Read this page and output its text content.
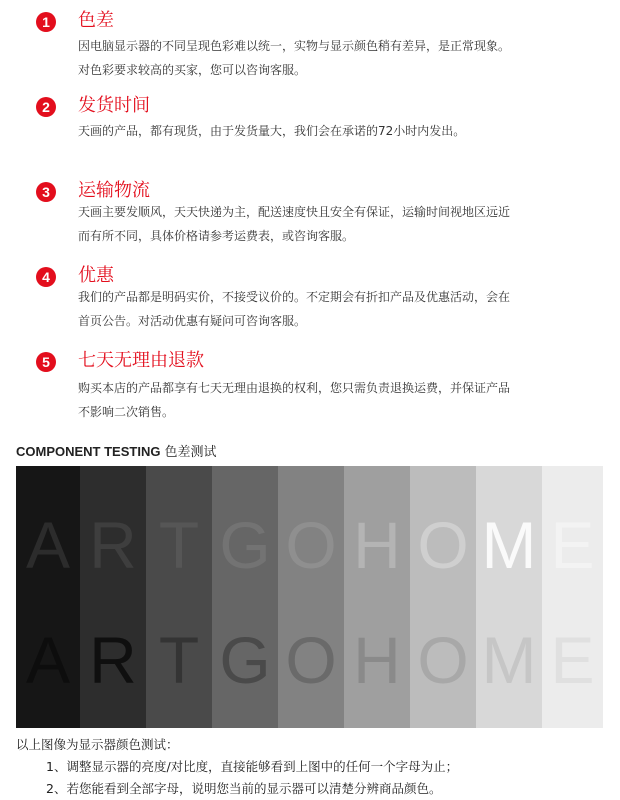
1	色差
因电脑显示器的不同呈现色彩难以统一，实物与显示颜色稍有差异，是正常现象。
对色彩要求较高的买家，您可以咨询客服。
2	发货时间
天画的产品，都有现货，由于发货量大，我们会在承诺的72小时内发出。
3	运输物流
天画主要发顺风，天天快递为主，配送速度快且安全有保证，运输时间视地区远近
而有所不同，具体价格请参考运费表，或咨询客服。
4	优惠
我们的产品都是明码实价，不接受议价的。不定期会有折扣产品及优惠活动，会在
首页公告。对活动优惠有疑问可咨询客服。
5	七天无理由退款
购买本店的产品都享有七天无理由退换的权利，您只需负责退换运费，并保证产品
不影响二次销售。
COMPONENT TESTING 色差测试
A
A
R
R
T
T
G
G
O
O
H
H
O
O
M
M
E
E
以上图像为显示器颜色测试：
1、调整显示器的亮度/对比度，直接能够看到上图中的任何一个字母为止；
2、若您能看到全部字母，说明您当前的显示器可以清楚分辨商品颜色。
